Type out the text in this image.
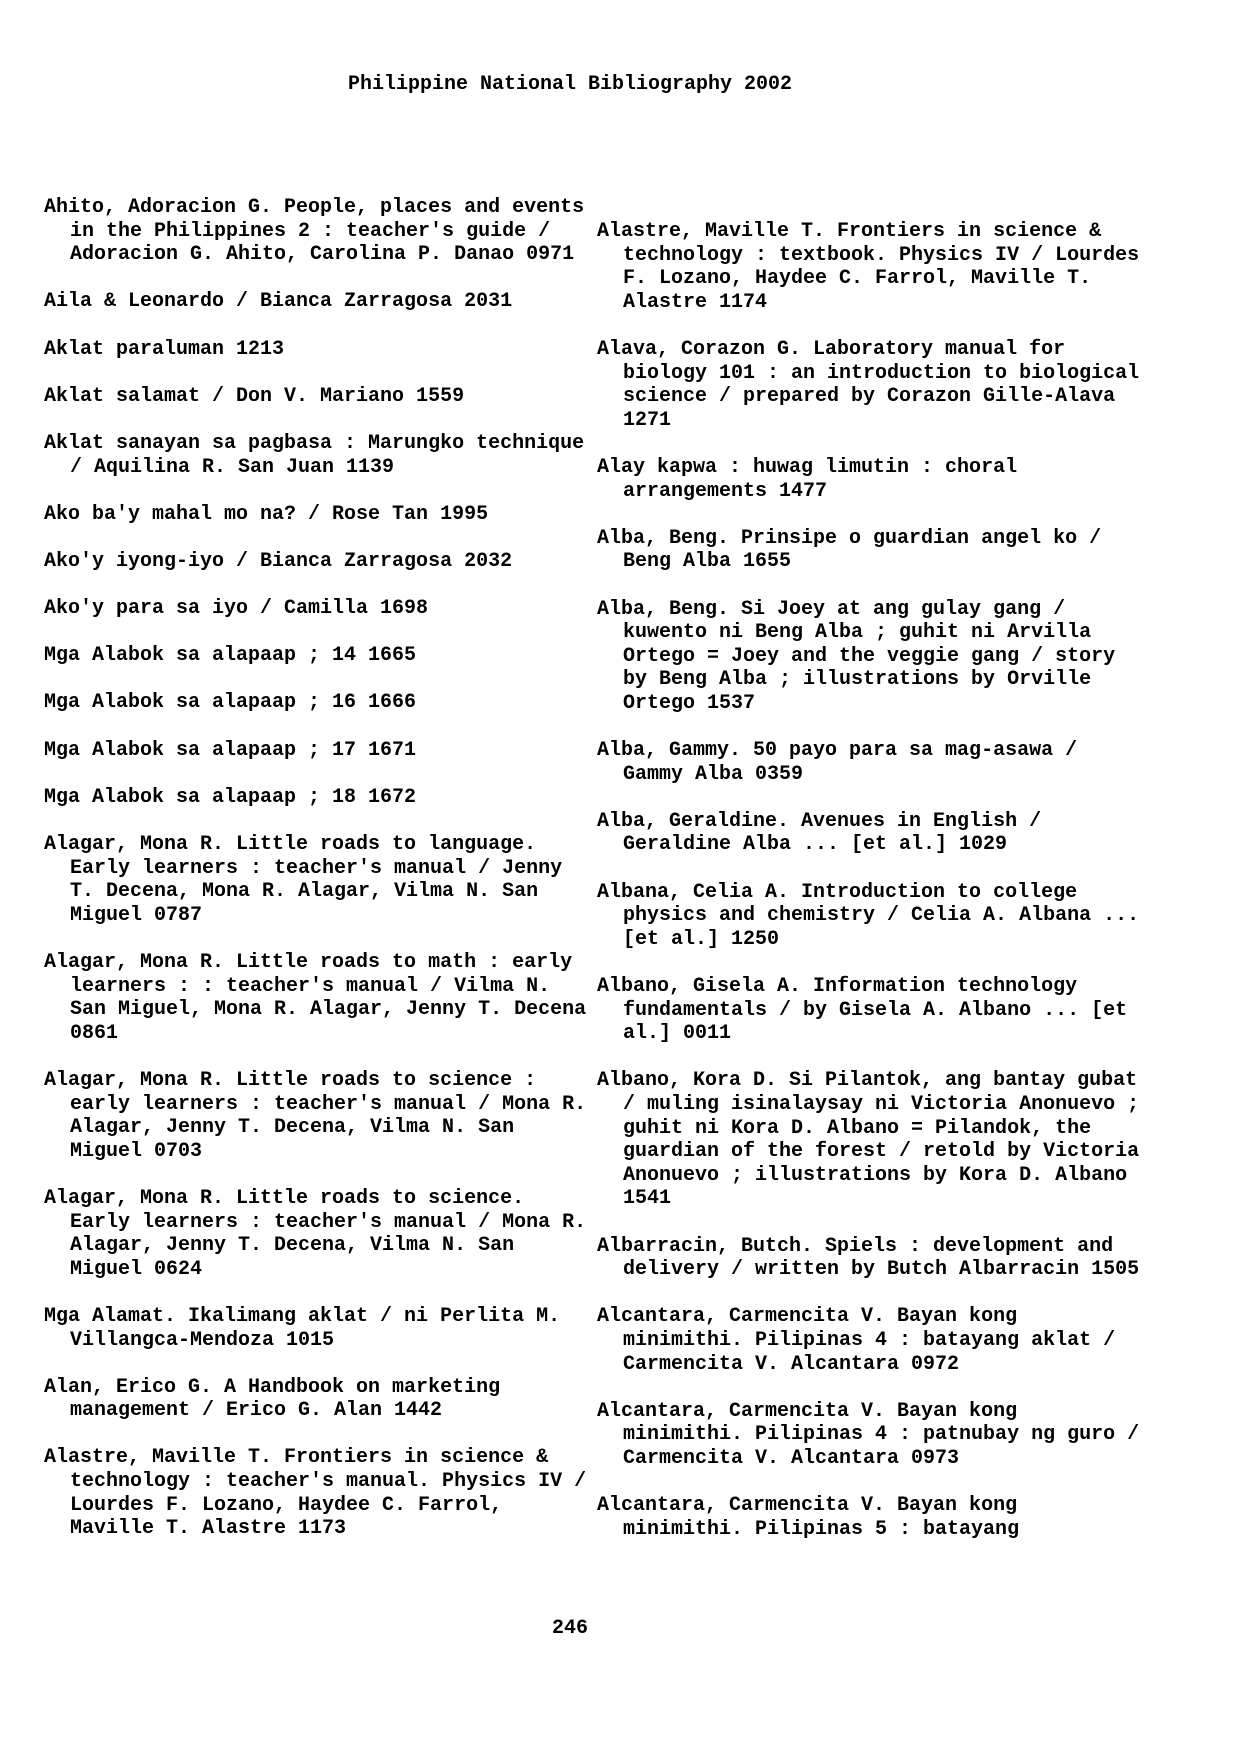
Philippine National Bibliography 2002

Ahito, Adoracion G. People, places and events in the Philippines 2 : teacher's guide / Adoracion G. Ahito, Carolina P. Danao 0971

Aila & Leonardo / Bianca Zarragosa 2031

Aklat paraluman 1213

Aklat salamat / Don V. Mariano 1559

Aklat sanayan sa pagbasa : Marungko technique / Aquilina R. San Juan 1139

Ako ba'y mahal mo na? / Rose Tan 1995

Ako'y iyong-iyo / Bianca Zarragosa 2032

Ako'y para sa iyo / Camilla 1698

Mga Alabok sa alapaap ; 14 1665

Mga Alabok sa alapaap ; 16 1666

Mga Alabok sa alapaap ; 17 1671

Mga Alabok sa alapaap ; 18 1672

Alagar, Mona R. Little roads to language. Early learners : teacher's manual / Jenny T. Decena, Mona R. Alagar, Vilma N. San Miguel 0787

Alagar, Mona R. Little roads to math : early learners : : teacher's manual / Vilma N. San Miguel, Mona R. Alagar, Jenny T. Decena 0861

Alagar, Mona R. Little roads to science : early learners : teacher's manual / Mona R. Alagar, Jenny T. Decena, Vilma N. San Miguel 0703

Alagar, Mona R. Little roads to science. Early learners : teacher's manual / Mona R. Alagar, Jenny T. Decena, Vilma N. San Miguel 0624

Mga Alamat. Ikalimang aklat / ni Perlita M. Villangca-Mendoza 1015

Alan, Erico G. A Handbook on marketing management / Erico G. Alan 1442

Alastre, Maville T. Frontiers in science & technology : teacher's manual. Physics IV / Lourdes F. Lozano, Haydee C. Farrol, Maville T. Alastre 1173

Alastre, Maville T. Frontiers in science & technology : textbook. Physics IV / Lourdes F. Lozano, Haydee C. Farrol, Maville T. Alastre 1174

Alava, Corazon G. Laboratory manual for biology 101 : an introduction to biological science / prepared by Corazon Gille-Alava 1271

Alay kapwa : huwag limutin : choral arrangements 1477

Alba, Beng. Prinsipe o guardian angel ko / Beng Alba 1655

Alba, Beng. Si Joey at ang gulay gang / kuwento ni Beng Alba ; guhit ni Arvilla Ortego = Joey and the veggie gang / story by Beng Alba ; illustrations by Orville Ortego 1537

Alba, Gammy. 50 payo para sa mag-asawa / Gammy Alba 0359

Alba, Geraldine. Avenues in English / Geraldine Alba ... [et al.] 1029

Albana, Celia A. Introduction to college physics and chemistry / Celia A. Albana ... [et al.] 1250

Albano, Gisela A. Information technology fundamentals / by Gisela A. Albano ... [et al.] 0011

Albano, Kora D. Si Pilantok, ang bantay gubat / muling isinalaysay ni Victoria Anonuevo ; guhit ni Kora D. Albano = Pilandok, the guardian of the forest / retold by Victoria Anonuevo ; illustrations by Kora D. Albano 1541

Albarracin, Butch. Spiels : development and delivery / written by Butch Albarracin 1505

Alcantara, Carmencita V. Bayan kong minimithi. Pilipinas 4 : batayang aklat / Carmencita V. Alcantara 0972

Alcantara, Carmencita V. Bayan kong minimithi. Pilipinas 4 : patnubay ng guro / Carmencita V. Alcantara 0973

Alcantara, Carmencita V. Bayan kong minimithi. Pilipinas 5 : batayang

246
